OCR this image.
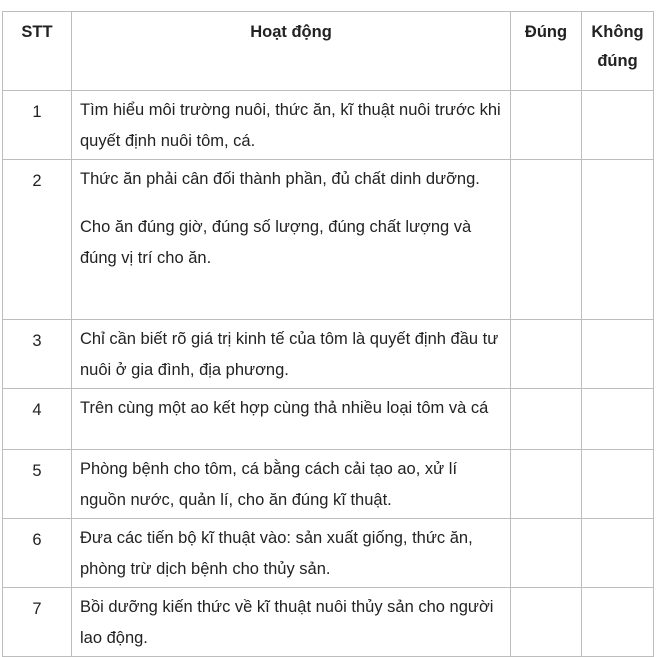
STT	Hoạt động	Đúng	Không đúng
1	Tìm hiểu môi trường nuôi, thức ăn, kĩ thuật nuôi trước khi quyết định nuôi tôm, cá.		

2	Thức ăn phải cân đối thành phần, đủ chất dinh dưỡng.

Cho ăn đúng giờ, đúng số lượng, đúng chất lượng và đúng vị trí cho ăn.		

3	Chỉ cần biết rõ giá trị kinh tế của tôm là quyết định đầu tư nuôi ở gia đình, địa phương.		

4	Trên cùng một ao kết hợp cùng thả nhiều loại tôm và cá		

5	Phòng bệnh cho tôm, cá bằng cách cải tạo ao, xử lí nguồn nước, quản lí, cho ăn đúng kĩ thuật.		

6	Đưa các tiến bộ kĩ thuật vào: sản xuất giống, thức ăn, phòng trừ dịch bệnh cho thủy sản.		

7	Bồi dưỡng kiến thức về kĩ thuật nuôi thủy sản cho người lao động.		
